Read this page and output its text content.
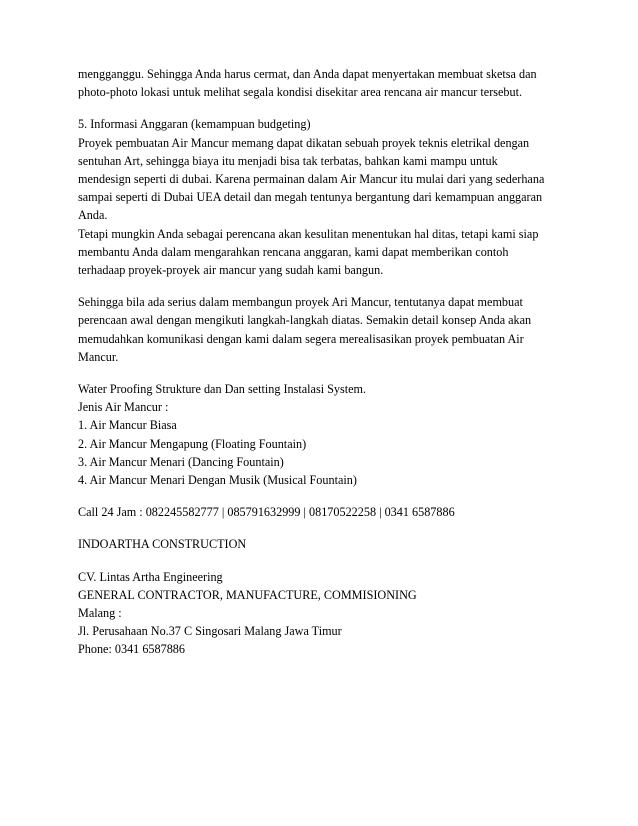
mengganggu. Sehingga Anda harus cermat, dan Anda dapat menyertakan membuat sketsa dan
photo-photo lokasi untuk melihat segala kondisi disekitar area rencana air mancur tersebut.
5. Informasi Anggaran (kemampuan budgeting)
Proyek pembuatan Air Mancur memang dapat dikatan sebuah proyek teknis eletrikal dengan
sentuhan Art, sehingga biaya itu menjadi bisa tak terbatas, bahkan kami mampu untuk
mendesign seperti di dubai. Karena permainan dalam Air Mancur itu mulai dari yang sederhana
sampai seperti di Dubai UEA detail dan megah tentunya bergantung dari kemampuan anggaran
Anda.
Tetapi mungkin Anda sebagai perencana akan kesulitan menentukan hal ditas, tetapi kami siap
membantu Anda dalam mengarahkan rencana anggaran, kami dapat memberikan contoh
terhadaap proyek-proyek air mancur yang sudah kami bangun.
Sehingga bila ada serius dalam membangun proyek Ari Mancur, tentutanya dapat membuat
perencaan awal dengan mengikuti langkah-langkah diatas. Semakin detail konsep Anda akan
memudahkan komunikasi dengan kami dalam segera merealisasikan proyek pembuatan Air
Mancur.
Water Proofing Strukture dan Dan setting Instalasi System.
Jenis Air Mancur :
1. Air Mancur Biasa
2. Air Mancur Mengapung (Floating Fountain)
3. Air Mancur Menari (Dancing Fountain)
4. Air Mancur Menari Dengan Musik (Musical Fountain)
Call 24 Jam : 082245582777 | 085791632999 | 08170522258 | 0341 6587886
INDOARTHA CONSTRUCTION
CV. Lintas Artha Engineering
GENERAL CONTRACTOR, MANUFACTURE, COMMISIONING
Malang :
Jl. Perusahaan No.37 C Singosari Malang Jawa Timur
Phone: 0341 6587886
